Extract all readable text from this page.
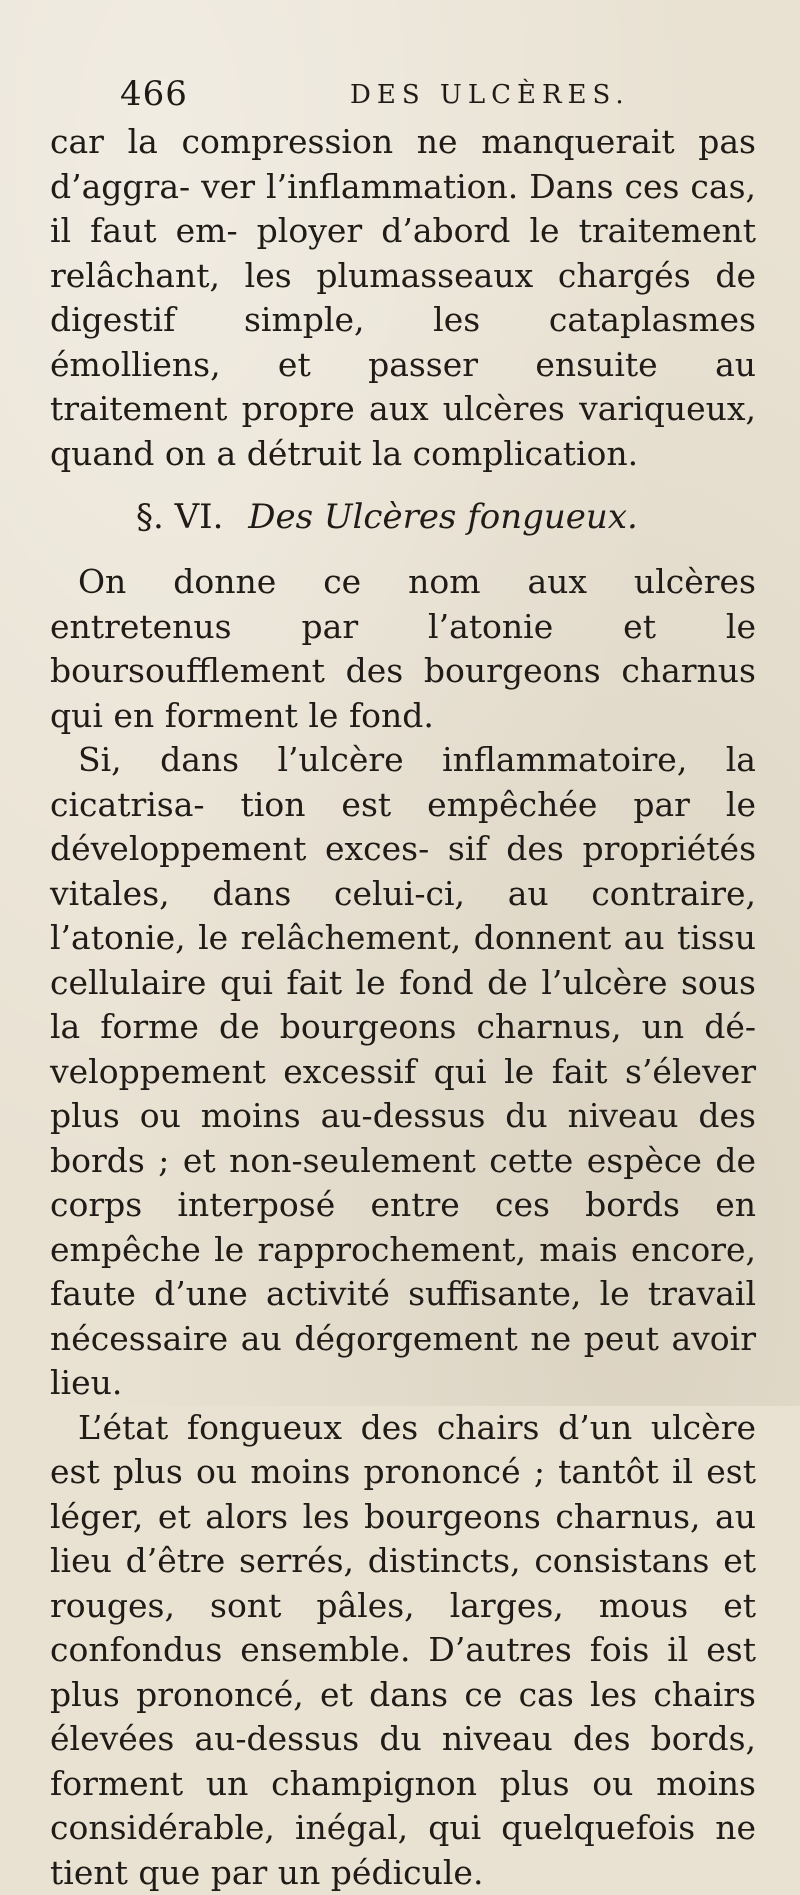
466	DES ULCÈRES.

car la compression ne manquerait pas d’aggra- ver l’inflammation. Dans ces cas, il faut em- ployer d’abord le traitement relâchant, les plumasseaux chargés de digestif simple, les cataplasmes émolliens, et passer ensuite au traitement propre aux ulcères variqueux, quand on a détruit la complication.

§. VI. Des Ulcères fongueux.

On donne ce nom aux ulcères entretenus par l’atonie et le boursoufflement des bourgeons charnus qui en forment le fond.

Si, dans l’ulcère inflammatoire, la cicatrisa- tion est empêchée par le développement exces- sif des propriétés vitales, dans celui-ci, au contraire, l’atonie, le relâchement, donnent au tissu cellulaire qui fait le fond de l’ulcère sous la forme de bourgeons charnus, un dé- veloppement excessif qui le fait s’élever plus ou moins au-dessus du niveau des bords ; et non-seulement cette espèce de corps interposé entre ces bords en empêche le rapprochement, mais encore, faute d’une activité suffisante, le travail nécessaire au dégorgement ne peut avoir lieu.

L’état fongueux des chairs d’un ulcère est plus ou moins prononcé ; tantôt il est léger, et alors les bourgeons charnus, au lieu d’être serrés, distincts, consistans et rouges, sont pâles, larges, mous et confondus ensemble. D’autres fois il est plus prononcé, et dans ce cas les chairs élevées au-dessus du niveau des bords, forment un champignon plus ou moins considérable, inégal, qui quelquefois ne tient que par un pédicule.
